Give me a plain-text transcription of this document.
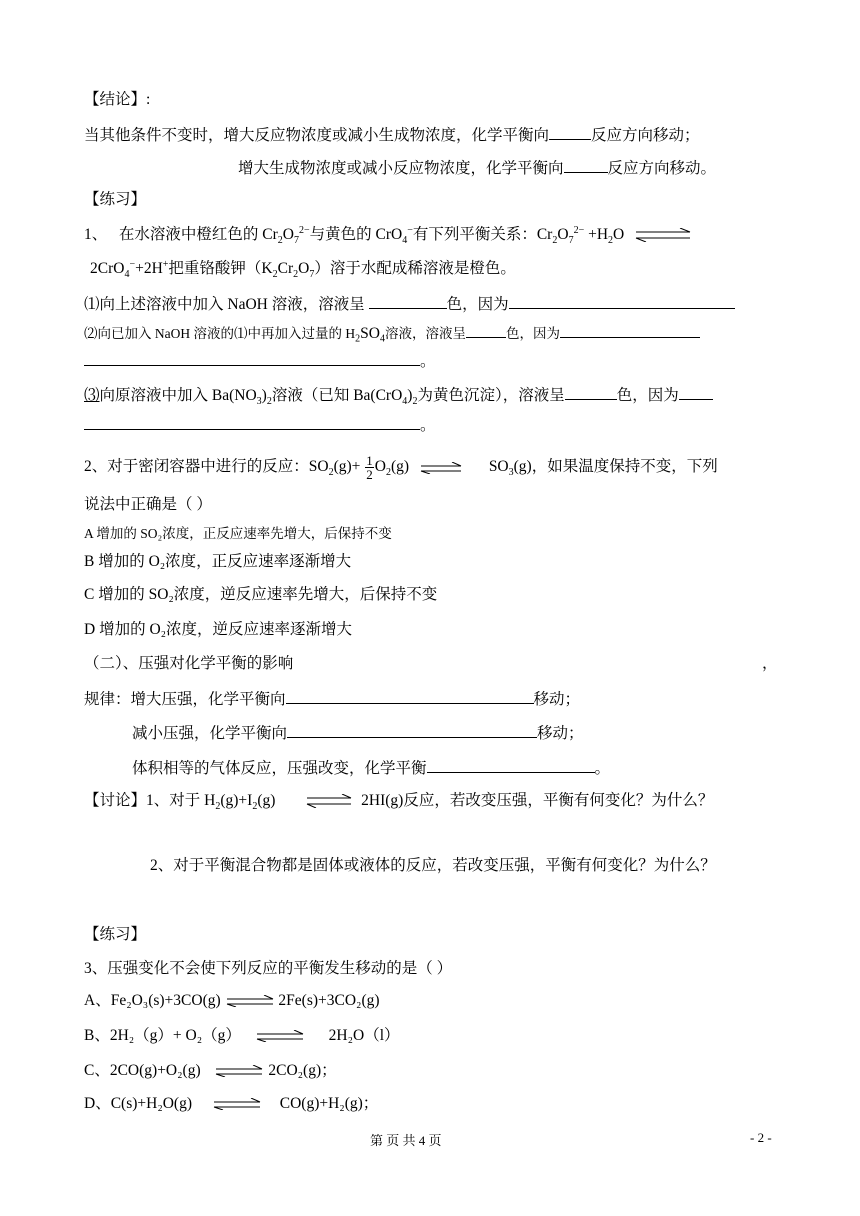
【结论】:
当其他条件不变时，增大反应物浓度或减小生成物浓度，化学平衡向	反应方向移动；
增大生成物浓度或减小反应物浓度，化学平衡向	反应方向移动。
【练习】
1、 在水溶液中橙红色的 $Cr_2O_7^{2-}$与黄色的 CrO$_4$−有下列平衡关系：$Cr_2O_7^{2-} +H_2O$ ⇌
2CrO$_4$−+2H+把重铬酸钾$(K_2Cr_2O_7)$溶于水配成稀溶液是橙色。
⑴向上述溶液中加入 NaOH 溶液，溶液呈	色，因为
⑵向已加入 NaOH 溶液的⑴中再加入过量的 $H_2SO_4$溶液，溶液呈	色，因为
。
⑶向原溶液中加入 $Ba(NO_3)_2$溶液（已知 $Ba(CrO_4)_2$为黄色沉淀），溶液呈	色，因为
。
2、对于密闭容器中进行的反应：$SO_2(g)+ \frac{1}{2} O_2(g)$ ⇌ $SO_3(g)$，如果温度保持不变，下列
说法中正确是（ ）
A 增加的 SO₂浓度，正反应速率先增大，后保持不变
B 增加的 O₂浓度，正反应速率逐渐增大
C 增加的 SO₂浓度，逆反应速率先增大，后保持不变
D 增加的 O₂浓度，逆反应速率逐渐增大
（二）、压强对化学平衡的影响	，
规律：增大压强，化学平衡向	移动；
减小压强，化学平衡向	移动；
体积相等的气体反应，压强改变，化学平衡	。
【讨论】1、对于 $H_2(g)+I_2(g)$ ⇌ 2HI(g)反应，若改变压强，平衡有何变化？为什么？
2、对于平衡混合物都是固体或液体的反应，若改变压强，平衡有何变化？为什么？
【练习】
3、压强变化不会使下列反应的平衡发生移动的是（ ）
A、Fe₂O₃(s)+3CO(g) ⇌ 2Fe(s)+3CO₂(g)
B、2H₂（g）+ O₂（g） ⇌ 2H₂O（l）
C、2CO(g)+O₂(g) ⇌ 2CO₂(g)；
D、C(s)+H₂O(g) ⇌ CO(g)+H₂(g)；
第 页 共 4 页	- 2 -
